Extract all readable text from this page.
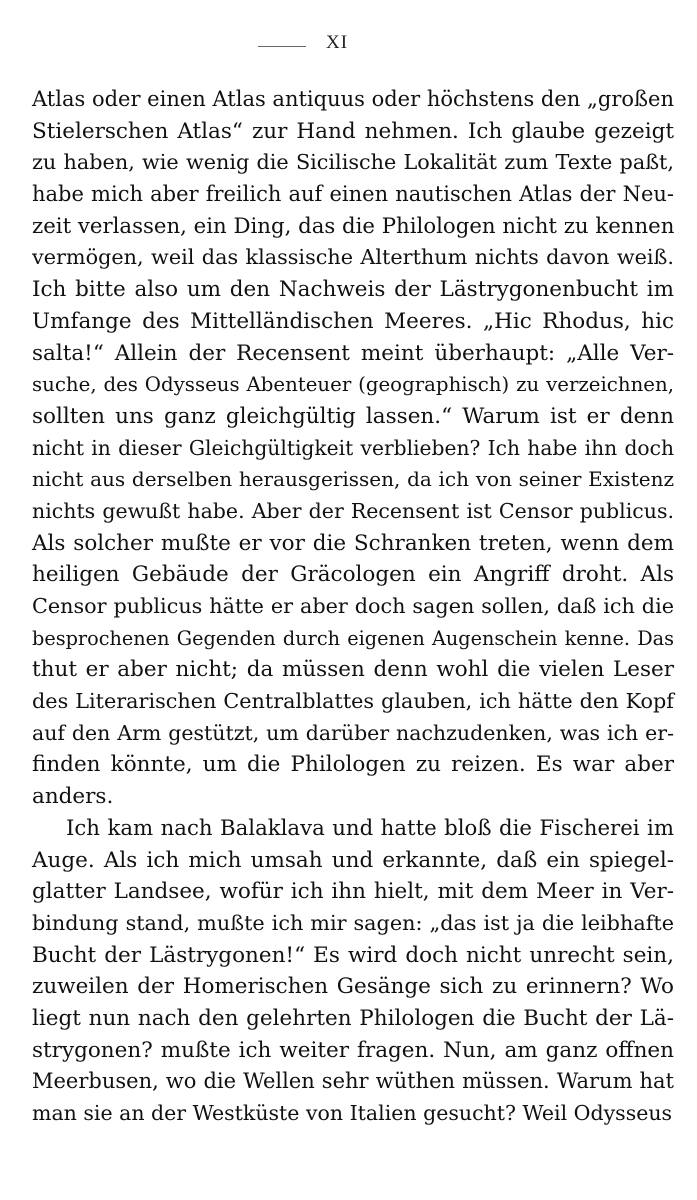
XI
Atlas oder einen Atlas antiquus oder höchstens den „großen
Stielerschen Atlas“ zur Hand nehmen. Ich glaube gezeigt
zu haben, wie wenig die Sicilische Lokalität zum Texte paßt,
habe mich aber freilich auf einen nautischen Atlas der Neu-
zeit verlassen, ein Ding, das die Philologen nicht zu kennen
vermögen, weil das klassische Alterthum nichts davon weiß.
Ich bitte also um den Nachweis der Lästrygonenbucht im
Umfange des Mittelländischen Meeres. „Hic Rhodus, hic
salta!“ Allein der Recensent meint überhaupt: „Alle Ver-
suche, des Odysseus Abenteuer (geographisch) zu verzeichnen,
sollten uns ganz gleichgültig lassen.“ Warum ist er denn
nicht in dieser Gleichgültigkeit verblieben? Ich habe ihn doch
nicht aus derselben herausgerissen, da ich von seiner Existenz
nichts gewußt habe. Aber der Recensent ist Censor publicus.
Als solcher mußte er vor die Schranken treten, wenn dem
heiligen Gebäude der Gräcologen ein Angriff droht. Als
Censor publicus hätte er aber doch sagen sollen, daß ich die
besprochenen Gegenden durch eigenen Augenschein kenne. Das
thut er aber nicht; da müssen denn wohl die vielen Leser
des Literarischen Centralblattes glauben, ich hätte den Kopf
auf den Arm gestützt, um darüber nachzudenken, was ich er-
finden könnte, um die Philologen zu reizen. Es war aber
anders.
Ich kam nach Balaklava und hatte bloß die Fischerei im
Auge. Als ich mich umsah und erkannte, daß ein spiegel-
glatter Landsee, wofür ich ihn hielt, mit dem Meer in Ver-
bindung stand, mußte ich mir sagen: „das ist ja die leibhafte
Bucht der Lästrygonen!“ Es wird doch nicht unrecht sein,
zuweilen der Homerischen Gesänge sich zu erinnern? Wo
liegt nun nach den gelehrten Philologen die Bucht der Lä-
strygonen? mußte ich weiter fragen. Nun, am ganz offnen
Meerbusen, wo die Wellen sehr wüthen müssen. Warum hat
man sie an der Westküste von Italien gesucht? Weil Odysseus
